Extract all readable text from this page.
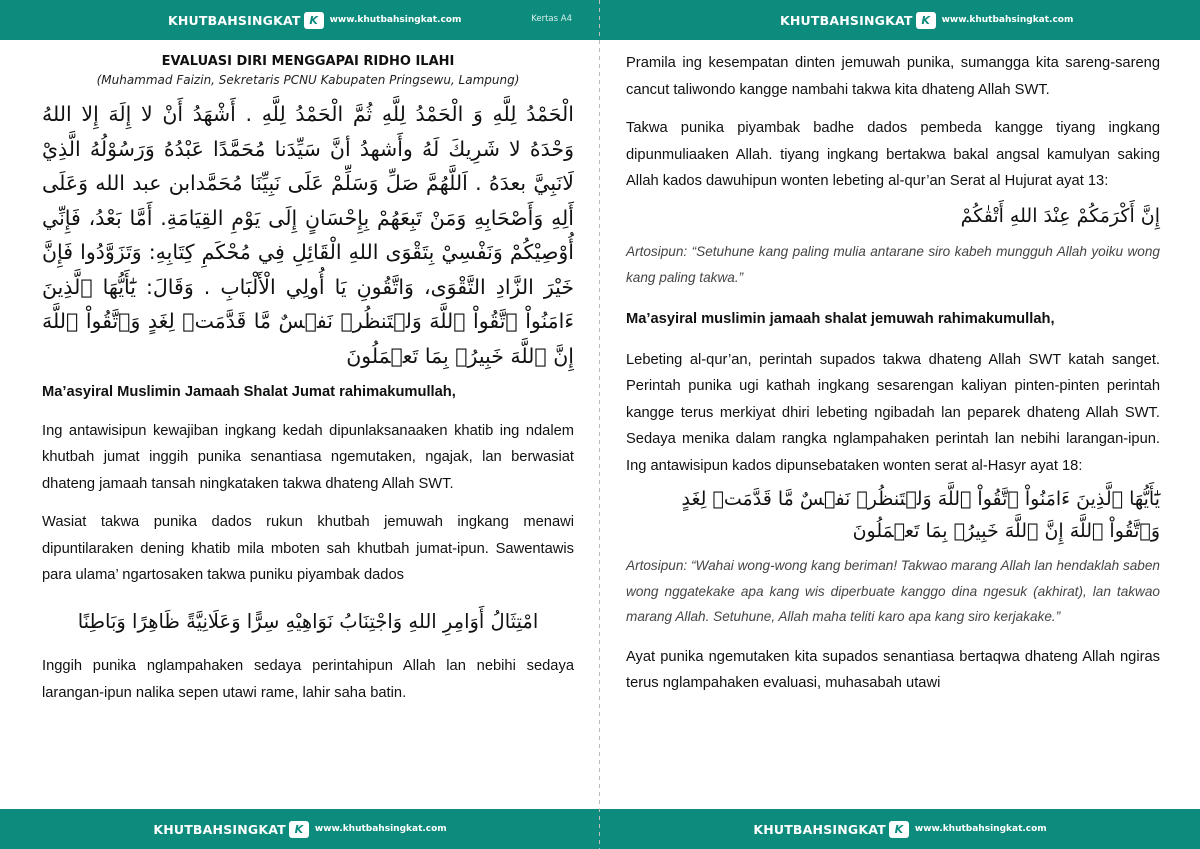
KHUTBAHSINGKAT K www.khutbahsingkat.com	Kertas A4
EVALUASI DIRI MENGGAPAI RIDHO ILAHI
(Muhammad Faizin, Sekretaris PCNU Kabupaten Pringsewu, Lampung)
الْحَمْدُ لِلَّهِ وَ الْحَمْدُ لِلَّهِ ثُمَّ الْحَمْدُ لِلَّهِ . أَشْهَدُ أَنْ لا إِلَهَ إِلا اللهُ وَحْدَهُ لا شَرِيكَ لَهُ وأَشهدُ أنَّ سَيِّدَنا مُحَمَّدًا عَبْدُهُ وَرَسُوْلُهُ الَّذِيْ لَانَبِيَّ بعدَهُ . اَللَّهُمَّ صَلِّ وَسَلِّمْ عَلَى نَبِيِّنَا مُحَمَّدابن عبد الله وَعَلَى أَلِهِ وَأَصْحَابِهِ وَمَنْ تَبِعَهُمْ بِإِحْسَانٍ إِلَى يَوْمِ القِيَامَةِ. أَمَّا بَعْدُ، فَإِنِّي أُوْصِيْكُمْ وَنَفْسِيْ بِتَقْوَى اللهِ الْقَائِلِ فِي مُحْكَمِ كِتَابِهِ: وَتَزَوَّدُوا فَإِنَّ خَيْرَ الزَّادِ التَّقْوَى، وَاتَّقُونِ يَا أُولِي الْأَلْبَابِ . وَقَالَ: يَٰٓأَيُّهَا ٱلَّذِينَ ءَامَنُواْ ٱتَّقُواْ ٱللَّهَ وَلۡتَنظُرۡ نَفۡسٌ مَّا قَدَّمَتۡ لِغَدٍ وَٱتَّقُواْ ٱللَّهَ إِنَّ ٱللَّهَ خَبِيرُۢ بِمَا تَعۡمَلُونَ
Ma’asyiral Muslimin Jamaah Shalat Jumat rahimakumullah,
Ing antawisipun kewajiban ingkang kedah dipunlaksanaaken khatib ing ndalem khutbah jumat inggih punika senantiasa ngemutaken, ngajak, lan berwasiat dhateng jamaah tansah ningkataken takwa dhateng Allah SWT.
Wasiat takwa punika dados rukun khutbah jemuwah ingkang menawi dipuntilaraken dening khatib mila mboten sah khutbah jumat-ipun. Sawentawis para ulama’ ngartosaken takwa puniku piyambak dados
امْتِثَالُ أَوَامِرِ اللهِ وَاجْتِنَابُ نَوَاهِيْهِ سِرًّا وَعَلَانِيَّةً ظَاهِرًا وَبَاطِنًا
Inggih punika nglampahaken sedaya perintahipun Allah lan nebihi sedaya larangan-ipun nalika sepen utawi rame, lahir saha batin.
KHUTBAHSINGKAT K www.khutbahsingkat.com
KHUTBAHSINGKAT K www.khutbahsingkat.com
Pramila ing kesempatan dinten jemuwah punika, sumangga kita sareng-sareng cancut taliwondo kangge nambahi takwa kita dhateng Allah SWT.
Takwa punika piyambak badhe dados pembeda kangge tiyang ingkang dipunmuliaaken Allah. tiyang ingkang bertakwa bakal angsal kamulyan saking Allah kados dawuhipun wonten lebeting al-qur’an Serat al Hujurat ayat 13:
إِنَّ أَكْرَمَكُمْ عِنْدَ اللهِ أَتْقٰكُمْ
Artosipun: “Setuhune kang paling mulia antarane siro kabeh mungguh Allah yoiku wong kang paling takwa.”
Ma’asyiral muslimin jamaah shalat jemuwah rahimakumullah,
Lebeting al-qur’an, perintah supados takwa dhateng Allah SWT katah sanget. Perintah punika ugi kathah ingkang sesarengan kaliyan pinten-pinten perintah kangge terus merkiyat dhiri lebeting ngibadah lan peparek dhateng Allah SWT. Sedaya menika dalam rangka nglampahaken perintah lan nebihi larangan-ipun. Ing antawisipun kados dipunsebataken wonten serat al-Hasyr ayat 18:
يَٰٓأَيُّهَا ٱلَّذِينَ ءَامَنُواْ ٱتَّقُواْ ٱللَّهَ وَلۡتَنظُرۡ نَفۡسٌ مَّا قَدَّمَتۡ لِغَدٍ وَٱتَّقُواْ ٱللَّهَ إِنَّ ٱللَّهَ خَبِيرُۢ بِمَا تَعۡمَلُونَ
Artosipun: “Wahai wong-wong kang beriman! Takwao marang Allah lan hendaklah saben wong nggatekake apa kang wis diperbuate kanggo dina ngesuk (akhirat), lan takwao marang Allah. Setuhune, Allah maha teliti karo apa kang siro kerjakake.”
Ayat punika ngemutaken kita supados senantiasa bertaqwa dhateng Allah ngiras terus nglampahaken evaluasi, muhasabah utawi
KHUTBAHSINGKAT K www.khutbahsingkat.com
